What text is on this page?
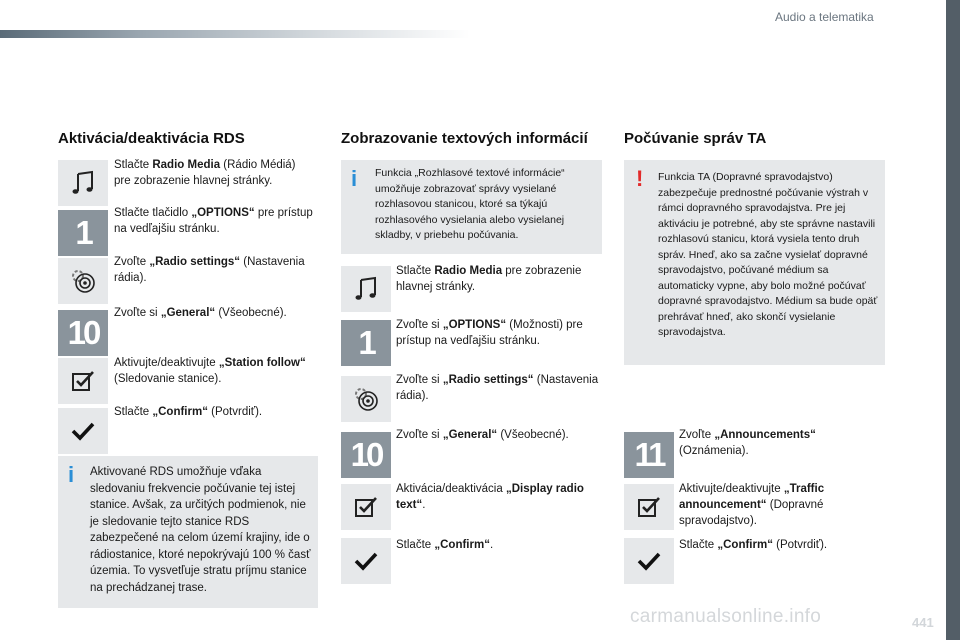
Audio a telematika
441
carmanualsonline.info
Aktivácia/deaktivácia RDS
Stlačte Radio Media (Rádio Médiá) pre zobrazenie hlavnej stránky.
1
Stlačte tlačidlo „OPTIONS“ pre prístup na vedľajšiu stránku.
Zvoľte „Radio settings“ (Nastavenia rádia).
10
Zvoľte si „General“ (Všeobecné).
Aktivujte/deaktivujte „Station follow“ (Sledovanie stanice).
Stlačte „Confirm“ (Potvrdiť).
i Aktivované RDS umožňuje vďaka sledovaniu frekvencie počúvanie tej istej stanice. Avšak, za určitých podmienok, nie je sledovanie tejto stanice RDS zabezpečené na celom území krajiny, ide o rádiostanice, ktoré nepokrývajú 100 % časť územia. To vysvetľuje stratu príjmu stanice na prechádzanej trase.
Zobrazovanie textových informácií
i Funkcia „Rozhlasové textové informácie“ umožňuje zobrazovať správy vysielané rozhlasovou stanicou, ktoré sa týkajú rozhlasového vysielania alebo vysielanej skladby, v priebehu počúvania.
Stlačte Radio Media pre zobrazenie hlavnej stránky.
1 Zvoľte si „OPTIONS“ (Možnosti) pre prístup na vedľajšiu stránku.
Zvoľte si „Radio settings“ (Nastavenia rádia).
10
Zvoľte si „General“ (Všeobecné).
Aktivácia/deaktivácia „Display radio text“.
Stlačte „Confirm“.
Počúvanie správ TA
! Funkcia TA (Dopravné spravodajstvo) zabezpečuje prednostné počúvanie výstrah v rámci dopravného spravodajstva. Pre jej aktiváciu je potrebné, aby ste správne nastavili rozhlasovú stanicu, ktorá vysiela tento druh správ. Hneď, ako sa začne vysielať dopravné spravodajstvo, počúvané médium sa automaticky vypne, aby bolo možné počúvať dopravné spravodajstvo. Médium sa bude opäť prehrávať hneď, ako skončí vysielanie spravodajstva.
11
Zvoľte „Announcements“ (Oznámenia).
Aktivujte/deaktivujte „Traffic announcement“ (Dopravné spravodajstvo).
Stlačte „Confirm“ (Potvrdiť).
